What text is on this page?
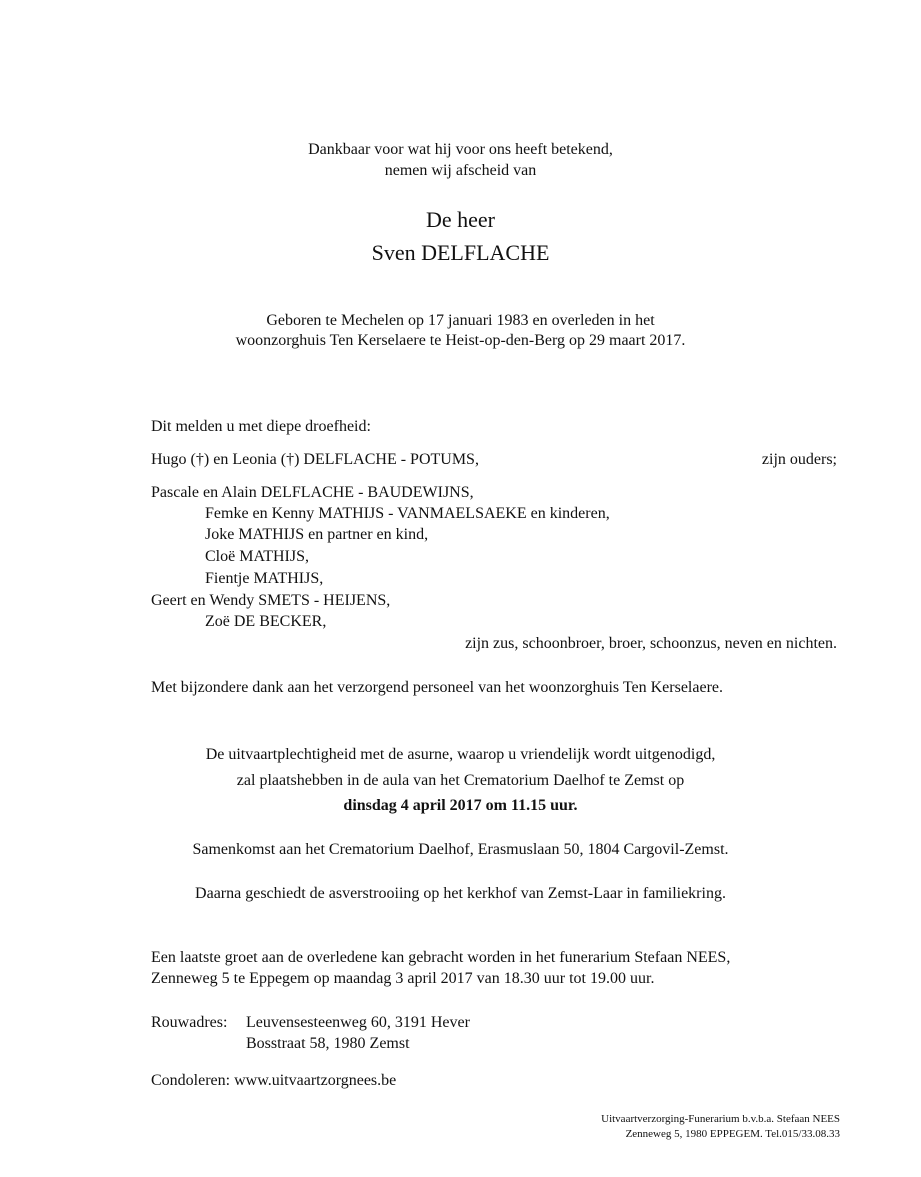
Dankbaar voor wat hij voor ons heeft betekend,
nemen wij afscheid van
De heer
Sven DELFLACHE
Geboren te Mechelen op 17 januari 1983 en overleden in het
woonzorghuis Ten Kerselaere te Heist-op-den-Berg op 29 maart 2017.
Dit melden u met diepe droefheid:
Hugo (†) en Leonia (†) DELFLACHE - POTUMS,	zijn ouders;
Pascale en Alain DELFLACHE - BAUDEWIJNS,
Femke en Kenny MATHIJS - VANMAELSAEKE en kinderen,
Joke MATHIJS en partner en kind,
Cloë MATHIJS,
Fientje MATHIJS,
Geert en Wendy SMETS - HEIJENS,
Zoë DE BECKER,
zijn zus, schoonbroer, broer, schoonzus, neven en nichten.
Met bijzondere dank aan het verzorgend personeel van het woonzorghuis Ten Kerselaere.
De uitvaartplechtigheid met de asurne, waarop u vriendelijk wordt uitgenodigd,
zal plaatshebben in de aula van het Crematorium Daelhof te Zemst op
dinsdag 4 april 2017 om 11.15 uur.
Samenkomst aan het Crematorium Daelhof, Erasmuslaan 50, 1804 Cargovil-Zemst.
Daarna geschiedt de asverstrooiing op het kerkhof van Zemst-Laar in familiekring.
Een laatste groet aan de overledene kan gebracht worden in het funerarium Stefaan NEES,
Zenneweg 5 te Eppegem op maandag 3 april 2017 van 18.30 uur tot 19.00 uur.
Rouwadres: Leuvensesteenweg 60, 3191 Hever
Bosstraat 58, 1980 Zemst
Condoleren: www.uitvaartzorgnees.be
Uitvaartverzorging-Funerarium b.v.b.a. Stefaan NEES
Zenneweg 5, 1980 EPPEGEM. Tel.015/33.08.33
